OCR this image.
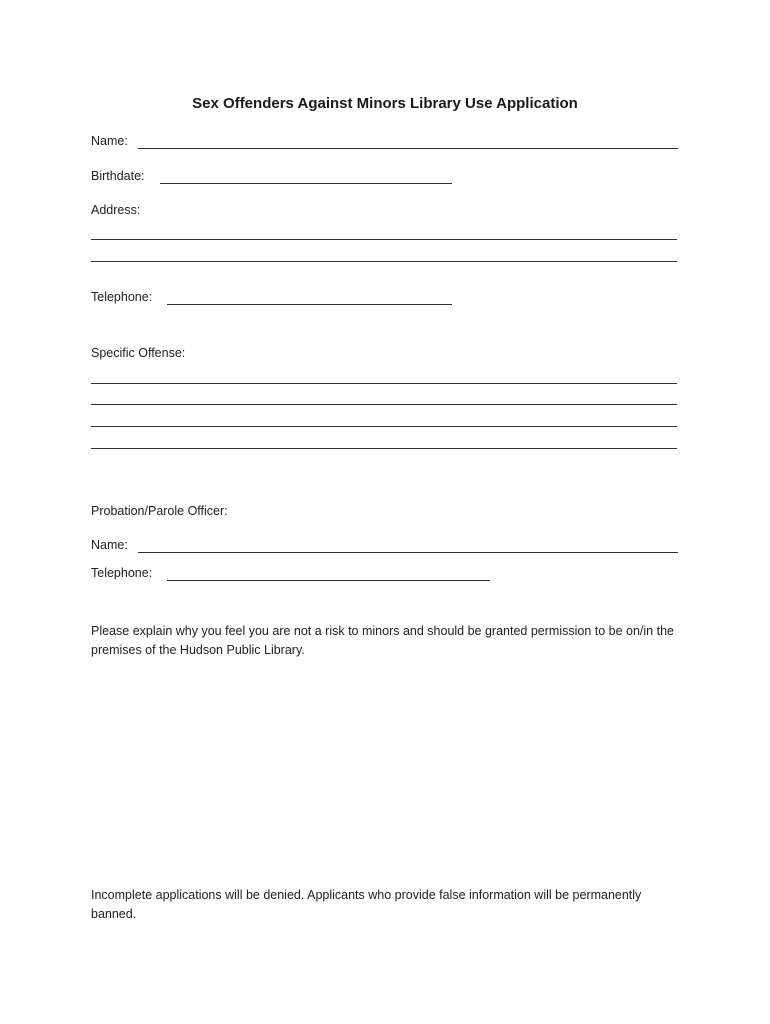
Sex Offenders Against Minors Library Use Application
Name:
Birthdate:
Address:
Telephone:
Specific Offense:
Probation/Parole Officer:
Name:
Telephone:
Please explain why you feel you are not a risk to minors and should be granted permission to be on/in the premises of the Hudson Public Library.
Incomplete applications will be denied. Applicants who provide false information will be permanently banned.
